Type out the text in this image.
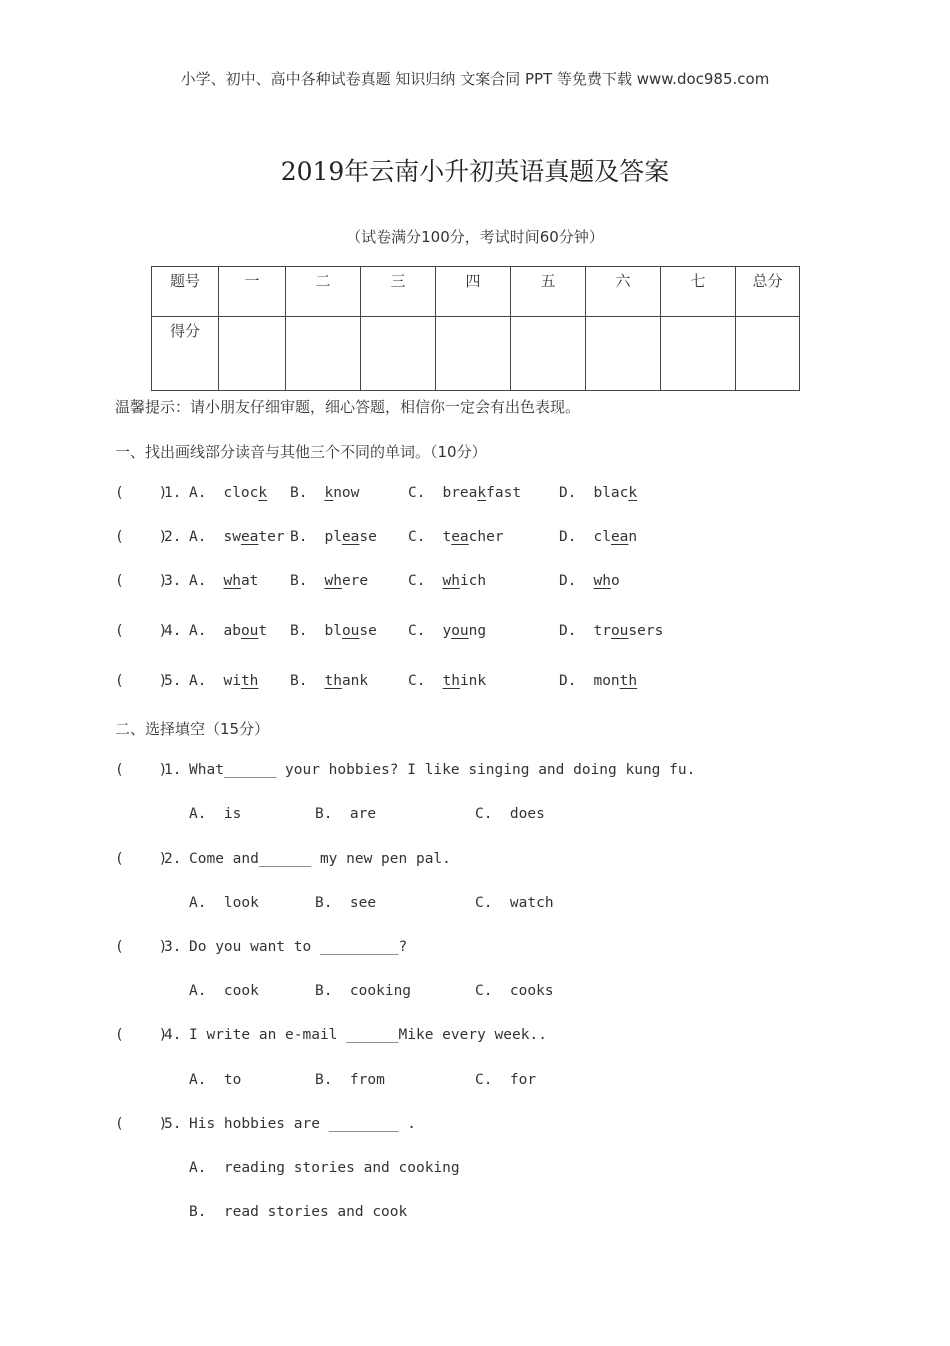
小学、初中、高中各种试卷真题 知识归纳 文案合同 PPT 等免费下载 www.doc985.com
2019年云南小升初英语真题及答案
（试卷满分100分，考试时间60分钟）
题号	一	二	三	四	五	六	七	总分
得分								
温馨提示：请小朋友仔细审题，细心答题，相信你一定会有出色表现。
一、找出画线部分读音与其他三个不同的单词。（10分）
(    )
1. A. clock B. know	C. breakfast	D. black
(    )
2. A. sweater B. please C. teacher	D. clean
(    )
3. A. what B. where	C. which	D. who
(    )
4. A. about B. blouse C. young	D. trousers
(    )
5. A. with B. thank	C. think	D. month
二、选择填空（15分）
(    )
1. What______ your hobbies? I like singing and doing kung fu.
A.  is	B.  are	C.  does
(    )
2. Come and______ my new pen pal.
A.  look	B.  see	C.  watch
(    )
3. Do you want to _________?
A.  cook	B.  cooking	C.  cooks
(    )
4. I write an e-mail ______Mike every week..
A.  to	B.  from	C.  for
(    )
5. His hobbies are ________ .
A.  reading stories and cooking
B.  read stories and cook
